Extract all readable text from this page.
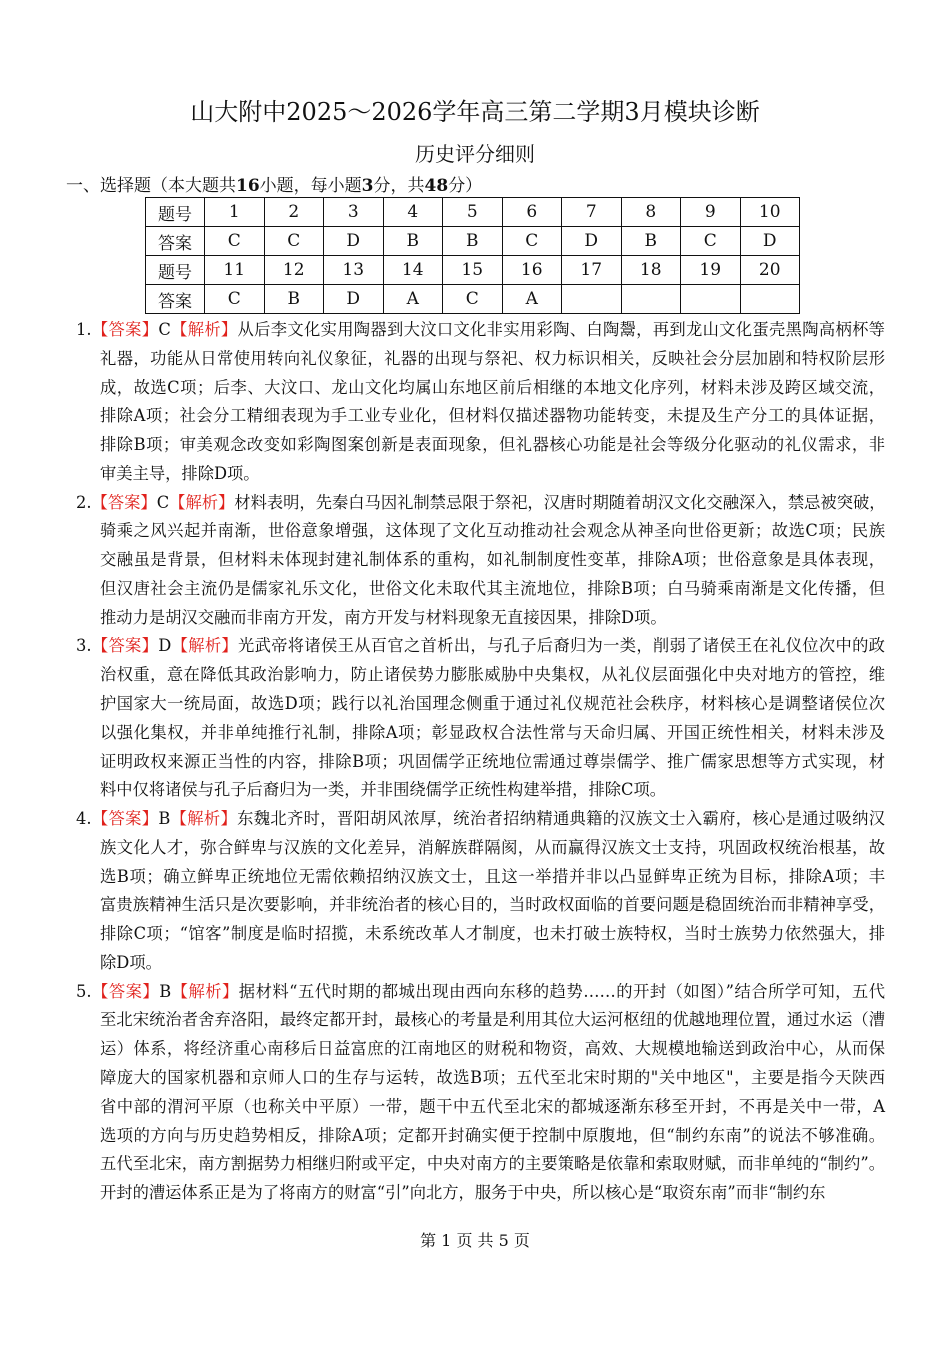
山大附中2025～2026学年高三第二学期3月模块诊断
历史评分细则
一、选择题（本大题共16小题，每小题3分，共48分）
题号	1	2	3	4	5	6	7	8	9	10
答案	C	C	D	B	B	C	D	B	C	D
题号	11	12	13	14	15	16	17	18	19	20
答案	C	B	D	A	C	A				
1.【答案】C【解析】从后李文化实用陶器到大汶口文化非实用彩陶、白陶鬶，再到龙山文化蛋壳黑陶高柄杯等
礼器，功能从日常使用转向礼仪象征，礼器的出现与祭祀、权力标识相关，反映社会分层加剧和特权阶层形
成，故选C项；后李、大汶口、龙山文化均属山东地区前后相继的本地文化序列，材料未涉及跨区域交流，
排除A项；社会分工精细表现为手工业专业化，但材料仅描述器物功能转变，未提及生产分工的具体证据，
排除B项；审美观念改变如彩陶图案创新是表面现象，但礼器核心功能是社会等级分化驱动的礼仪需求，非
审美主导，排除D项。
2.【答案】C【解析】材料表明，先秦白马因礼制禁忌限于祭祀，汉唐时期随着胡汉文化交融深入，禁忌被突破，
骑乘之风兴起并南渐，世俗意象增强，这体现了文化互动推动社会观念从神圣向世俗更新；故选C项；民族
交融虽是背景，但材料未体现封建礼制体系的重构，如礼制制度性变革，排除A项；世俗意象是具体表现，
但汉唐社会主流仍是儒家礼乐文化，世俗文化未取代其主流地位，排除B项；白马骑乘南渐是文化传播，但
推动力是胡汉交融而非南方开发，南方开发与材料现象无直接因果，排除D项。
3.【答案】D【解析】光武帝将诸侯王从百官之首析出，与孔子后裔归为一类，削弱了诸侯王在礼仪位次中的政
治权重，意在降低其政治影响力，防止诸侯势力膨胀威胁中央集权，从礼仪层面强化中央对地方的管控，维
护国家大一统局面，故选D项；践行以礼治国理念侧重于通过礼仪规范社会秩序，材料核心是调整诸侯位次
以强化集权，并非单纯推行礼制，排除A项；彰显政权合法性常与天命归属、开国正统性相关，材料未涉及
证明政权来源正当性的内容，排除B项；巩固儒学正统地位需通过尊崇儒学、推广儒家思想等方式实现，材
料中仅将诸侯与孔子后裔归为一类，并非围绕儒学正统性构建举措，排除C项。
4.【答案】B【解析】东魏北齐时，晋阳胡风浓厚，统治者招纳精通典籍的汉族文士入霸府，核心是通过吸纳汉
族文化人才，弥合鲜卑与汉族的文化差异，消解族群隔阂，从而赢得汉族文士支持，巩固政权统治根基，故
选B项；确立鲜卑正统地位无需依赖招纳汉族文士，且这一举措并非以凸显鲜卑正统为目标，排除A项；丰
富贵族精神生活只是次要影响，并非统治者的核心目的，当时政权面临的首要问题是稳固统治而非精神享受，
排除C项；“馆客”制度是临时招揽，未系统改革人才制度，也未打破士族特权，当时士族势力依然强大，排
除D项。
5.【答案】B【解析】据材料“五代时期的都城出现由西向东移的趋势……的开封（如图）”结合所学可知，五代
至北宋统治者舍弃洛阳，最终定都开封，最核心的考量是利用其位大运河枢纽的优越地理位置，通过水运（漕
运）体系，将经济重心南移后日益富庶的江南地区的财税和物资，高效、大规模地输送到政治中心，从而保
障庞大的国家机器和京师人口的生存与运转，故选B项；五代至北宋时期的"关中地区"，主要是指今天陕西
省中部的渭河平原（也称关中平原）一带，题干中五代至北宋的都城逐渐东移至开封，不再是关中一带，A
选项的方向与历史趋势相反，排除A项；定都开封确实便于控制中原腹地，但“制约东南”的说法不够准确。
五代至北宋，南方割据势力相继归附或平定，中央对南方的主要策略是依靠和索取财赋，而非单纯的“制约”。
开封的漕运体系正是为了将南方的财富“引”向北方，服务于中央，所以核心是“取资东南”而非“制约东
第 1 页 共 5 页
